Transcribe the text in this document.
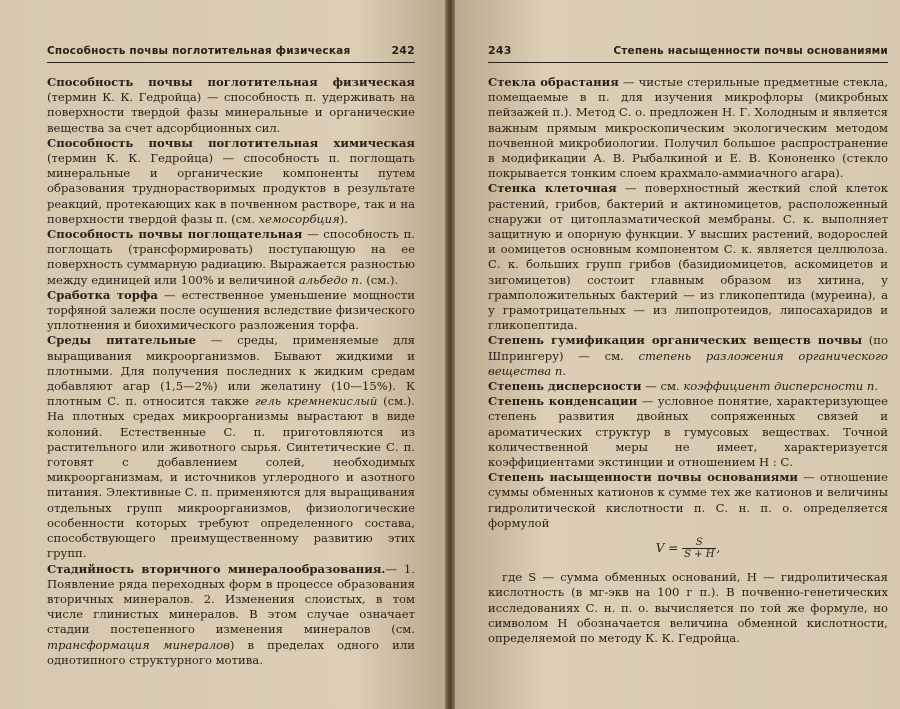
Способность почвы поглотительная физическая	242

Способность почвы поглотительная физическая (термин К. К. Гедройца) — способность п. удерживать на поверхности твердой фазы минеральные и органические вещества за счет адсорбционных сил.

Способность почвы поглотительная химическая (термин К. К. Гедройца) — способность п. поглощать минеральные и органические компоненты путем образования труднорастворимых продуктов в результате реакций, протекающих как в почвенном растворе, так и на поверхности твердой фазы п. (см. хемосорбция).

Способность почвы поглощательная — способность п. поглощать (трансформировать) поступающую на ее поверхность суммарную радиацию. Выражается разностью между единицей или 100% и величиной альбедо п. (см.).

Сработка торфа — естественное уменьшение мощности торфяной залежи после осушения вследствие физического уплотнения и биохимического разложения торфа.

Среды питательные — среды, применяемые для выращивания микроорганизмов. Бывают жидкими и плотными. Для получения последних к жидким средам добавляют агар (1,5—2%) или желатину (10—15%). К плотным С. п. относится также гель кремнекислый (см.). На плотных средах микроорганизмы вырастают в виде колоний. Естественные С. п. приготовляются из растительного или животного сырья. Синтетические С. п. готовят с добавлением солей, необходимых микроорганизмам, и источников углеродного и азотного питания. Элективные С. п. применяются для выращивания отдельных групп микроорганизмов, физиологические особенности которых требуют определенного состава, способствующего преимущественному развитию этих групп.

Стадийность вторичного минералообразования.— 1. Появление ряда переходных форм в процессе образования вторичных минералов. 2. Изменения слоистых, в том числе глинистых минералов. В этом случае означает стадии постепенного изменения минералов (см. трансформация минералов) в пределах одного или однотипного структурного мотива.

243	Степень насыщенности почвы основаниями

Стекла обрастания — чистые стерильные предметные стекла, помещаемые в п. для изучения микрофлоры (микробных пейзажей п.). Метод С. о. предложен Н. Г. Холодным и является важным прямым микроскопическим экологическим методом почвенной микробиологии. Получил большое распространение в модификации А. В. Рыбалкиной и Е. В. Кононенко (стекло покрывается тонким слоем крахмало-аммиачного агара).

Стенка клеточная — поверхностный жесткий слой клеток растений, грибов, бактерий и актиномицетов, расположенный снаружи от цитоплазматической мембраны. С. к. выполняет защитную и опорную функции. У высших растений, водорослей и оомицетов основным компонентом С. к. является целлюлоза. С. к. больших групп грибов (базидиомицетов, аскомицетов и зигомицетов) состоит главным образом из хитина, у грамположительных бактерий — из гликопептида (муреина), а у грамотрицательных — из липопротеидов, липосахаридов и гликопептида.

Степень гумификации органических веществ почвы (по Шпрингеру) — см. степень разложения органического вещества п.

Степень дисперсности — см. коэффициент дисперсности п.

Степень конденсации — условное понятие, характеризующее степень развития двойных сопряженных связей и ароматических структур в гумусовых веществах. Точной количественной меры не имеет, характеризуется коэффициентами экстинции и отношением Н : С.

Степень насыщенности почвы основаниями — отношение суммы обменных катионов к сумме тех же катионов и величины гидролитической кислотности п. С. н. п. о. определяется формулой

$V = \frac{S}{S + H}$ ,

где S — сумма обменных оснований, H — гидролитическая кислотность (в мг-экв на 100 г п.). В почвенно-генетических исследованиях С. н. п. о. вычисляется по той же формуле, но символом H обозначается величина обменной кислотности, определяемой по методу К. К. Гедройца.
